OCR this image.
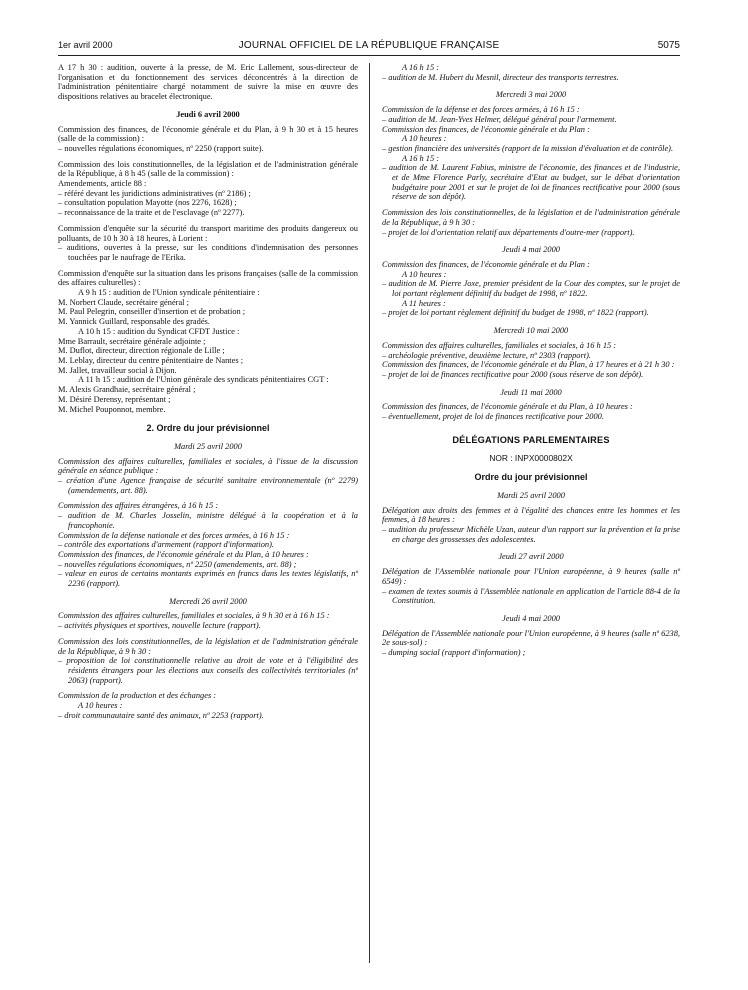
1er avril 2000	JOURNAL OFFICIEL DE LA RÉPUBLIQUE FRANÇAISE	5075

A 17 h 30 : audition, ouverte à la presse, de M. Eric Lallement, sous-directeur de l'organisation et du fonctionnement des services déconcentrés à la direction de l'administration pénitentiaire chargé notamment de suivre la mise en œuvre des dispositions relatives au bracelet électronique.

Jeudi 6 avril 2000

Commission des finances, de l'économie générale et du Plan, à 9 h 30 et à 15 heures (salle de la commission) :

– nouvelles régulations économiques, nº 2250 (rapport suite).

Commission des lois constitutionnelles, de la législation et de l'administration générale de la République, à 8 h 45 (salle de la commission) :

Amendements, article 88 :

– référé devant les juridictions administratives (nº 2186) ;

– consultation population Mayotte (nos 2276, 1628) ;

– reconnaissance de la traite et de l'esclavage (nº 2277).

Commission d'enquête sur la sécurité du transport maritime des produits dangereux ou polluants, de 10 h 30 à 18 heures, à Lorient :

– auditions, ouvertes à la presse, sur les conditions d'indemnisation des personnes touchées par le naufrage de l'Erika.

Commission d'enquête sur la situation dans les prisons françaises (salle de la commission des affaires culturelles) :

A 9 h 15 : audition de l'Union syndicale pénitentiaire :

M. Norbert Claude, secrétaire général ;

M. Paul Pelegrin, conseiller d'insertion et de probation ;

M. Yannick Guillard, responsable des gradés.

A 10 h 15 : audition du Syndicat CFDT Justice :

Mme Barrault, secrétaire générale adjointe ;

M. Duflot, directeur, direction régionale de Lille ;

M. Leblay, directeur du centre pénitentiaire de Nantes ;

M. Jallet, travailleur social à Dijon.

A 11 h 15 : audition de l'Union générale des syndicats pénitentiaires CGT :

M. Alexis Grandhaie, secrétaire général ;

M. Désiré Derensy, représentant ;

M. Michel Pouponnot, membre.

2. Ordre du jour prévisionnel

Mardi 25 avril 2000

Commission des affaires culturelles, familiales et sociales, à l'issue de la discussion générale en séance publique :

– création d'une Agence française de sécurité sanitaire environnementale (nº 2279) (amendements, art. 88).

Commission des affaires étrangères, à 16 h 15 :

– audition de M. Charles Josselin, ministre délégué à la coopération et à la francophonie.

Commission de la défense nationale et des forces armées, à 16 h 15 :

– contrôle des exportations d'armement (rapport d'information).

Commission des finances, de l'économie générale et du Plan, à 10 heures :

– nouvelles régulations économiques, nº 2250 (amendements, art. 88) ;

– valeur en euros de certains montants exprimés en francs dans les textes législatifs, nº 2236 (rapport).

Mercredi 26 avril 2000

Commission des affaires culturelles, familiales et sociales, à 9 h 30 et à 16 h 15 :

– activités physiques et sportives, nouvelle lecture (rapport).

Commission des lois constitutionnelles, de la législation et de l'administration générale de la République, à 9 h 30 :

– proposition de loi constitutionnelle relative au droit de vote et à l'éligibilité des résidents étrangers pour les élections aux conseils des collectivités territoriales (nº 2063) (rapport).

Commission de la production et des échanges :

A 10 heures :

– droit communautaire santé des animaux, nº 2253 (rapport).

A 16 h 15 :

– audition de M. Hubert du Mesnil, directeur des transports terrestres.

Mercredi 3 mai 2000

Commission de la défense et des forces armées, à 16 h 15 :

– audition de M. Jean-Yves Helmer, délégué général pour l'armement.

Commission des finances, de l'économie générale et du Plan :

A 10 heures :

– gestion financière des universités (rapport de la mission d'évaluation et de contrôle).

A 16 h 15 :

– audition de M. Laurent Fabius, ministre de l'économie, des finances et de l'industrie, et de Mme Florence Parly, secrétaire d'Etat au budget, sur le débat d'orientation budgétaire pour 2001 et sur le projet de loi de finances rectificative pour 2000 (sous réserve de son dépôt).

Commission des lois constitutionnelles, de la législation et de l'administration générale de la République, à 9 h 30 :

– projet de loi d'orientation relatif aux départements d'outre-mer (rapport).

Jeudi 4 mai 2000

Commission des finances, de l'économie générale et du Plan :

A 10 heures :

– audition de M. Pierre Joxe, premier président de la Cour des comptes, sur le projet de loi portant règlement définitif du budget de 1998, nº 1822.

A 11 heures :

– projet de loi portant règlement définitif du budget de 1998, nº 1822 (rapport).

Mercredi 10 mai 2000

Commission des affaires culturelles, familiales et sociales, à 16 h 15 :

– archéologie préventive, deuxième lecture, nº 2303 (rapport).

Commission des finances, de l'économie générale et du Plan, à 17 heures et à 21 h 30 :

– projet de loi de finances rectificative pour 2000 (sous réserve de son dépôt).

Jeudi 11 mai 2000

Commission des finances, de l'économie générale et du Plan, à 10 heures :

– éventuellement, projet de loi de finances rectificative pour 2000.

DÉLÉGATIONS PARLEMENTAIRES

NOR : INPX0000802X

Ordre du jour prévisionnel

Mardi 25 avril 2000

Délégation aux droits des femmes et à l'égalité des chances entre les hommes et les femmes, à 18 heures :

– audition du professeur Michèle Uzan, auteur d'un rapport sur la prévention et la prise en charge des grossesses des adolescentes.

Jeudi 27 avril 2000

Délégation de l'Assemblée nationale pour l'Union européenne, à 9 heures (salle nº 6549) :

– examen de textes soumis à l'Assemblée nationale en application de l'article 88-4 de la Constitution.

Jeudi 4 mai 2000

Délégation de l'Assemblée nationale pour l'Union européenne, à 9 heures (salle nº 6238, 2e sous-sol) :

– dumping social (rapport d'information) ;
